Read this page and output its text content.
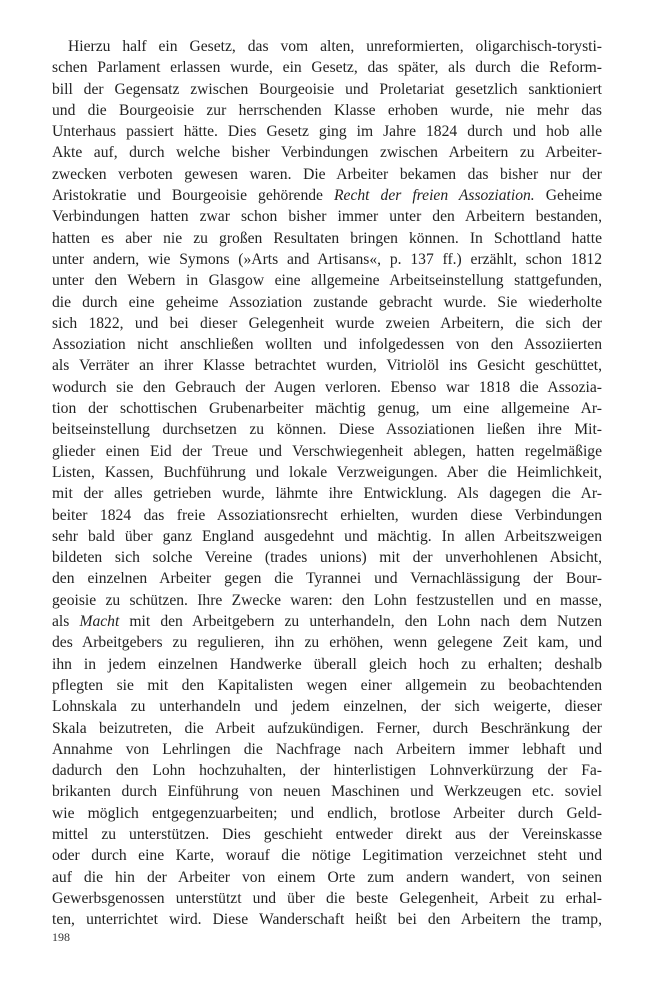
Hierzu half ein Gesetz, das vom alten, unreformierten, oligarchisch-torysti-
schen Parlament erlassen wurde, ein Gesetz, das später, als durch die Reform-
bill der Gegensatz zwischen Bourgeoisie und Proletariat gesetzlich sanktioniert
und die Bourgeoisie zur herrschenden Klasse erhoben wurde, nie mehr das
Unterhaus passiert hätte. Dies Gesetz ging im Jahre 1824 durch und hob alle
Akte auf, durch welche bisher Verbindungen zwischen Arbeitern zu Arbeiter-
zwecken verboten gewesen waren. Die Arbeiter bekamen das bisher nur der
Aristokratie und Bourgeoisie gehörende Recht der freien Assoziation. Geheime
Verbindungen hatten zwar schon bisher immer unter den Arbeitern bestanden,
hatten es aber nie zu großen Resultaten bringen können. In Schottland hatte
unter andern, wie Symons (»Arts and Artisans«, p. 137 ff.) erzählt, schon 1812
unter den Webern in Glasgow eine allgemeine Arbeitseinstellung stattgefunden,
die durch eine geheime Assoziation zustande gebracht wurde. Sie wiederholte
sich 1822, und bei dieser Gelegenheit wurde zweien Arbeitern, die sich der
Assoziation nicht anschließen wollten und infolgedessen von den Assoziierten
als Verräter an ihrer Klasse betrachtet wurden, Vitriolöl ins Gesicht geschüttet,
wodurch sie den Gebrauch der Augen verloren. Ebenso war 1818 die Assozia-
tion der schottischen Grubenarbeiter mächtig genug, um eine allgemeine Ar-
beitseinstellung durchsetzen zu können. Diese Assoziationen ließen ihre Mit-
glieder einen Eid der Treue und Verschwiegenheit ablegen, hatten regelmäßige
Listen, Kassen, Buchführung und lokale Verzweigungen. Aber die Heimlichkeit,
mit der alles getrieben wurde, lähmte ihre Entwicklung. Als dagegen die Ar-
beiter 1824 das freie Assoziationsrecht erhielten, wurden diese Verbindungen
sehr bald über ganz England ausgedehnt und mächtig. In allen Arbeitszweigen
bildeten sich solche Vereine (trades unions) mit der unverhohlenen Absicht,
den einzelnen Arbeiter gegen die Tyrannei und Vernachlässigung der Bour-
geoisie zu schützen. Ihre Zwecke waren: den Lohn festzustellen und en masse,
als Macht mit den Arbeitgebern zu unterhandeln, den Lohn nach dem Nutzen
des Arbeitgebers zu regulieren, ihn zu erhöhen, wenn gelegene Zeit kam, und
ihn in jedem einzelnen Handwerke überall gleich hoch zu erhalten; deshalb
pflegten sie mit den Kapitalisten wegen einer allgemein zu beobachtenden
Lohnskala zu unterhandeln und jedem einzelnen, der sich weigerte, dieser
Skala beizutreten, die Arbeit aufzukündigen. Ferner, durch Beschränkung der
Annahme von Lehrlingen die Nachfrage nach Arbeitern immer lebhaft und
dadurch den Lohn hochzuhalten, der hinterlistigen Lohnverkürzung der Fa-
brikanten durch Einführung von neuen Maschinen und Werkzeugen etc. soviel
wie möglich entgegenzuarbeiten; und endlich, brotlose Arbeiter durch Geld-
mittel zu unterstützen. Dies geschieht entweder direkt aus der Vereinskasse
oder durch eine Karte, worauf die nötige Legitimation verzeichnet steht und
auf die hin der Arbeiter von einem Orte zum andern wandert, von seinen
Gewerbsgenossen unterstützt und über die beste Gelegenheit, Arbeit zu erhal-
ten, unterrichtet wird. Diese Wanderschaft heißt bei den Arbeitern the tramp,
198
